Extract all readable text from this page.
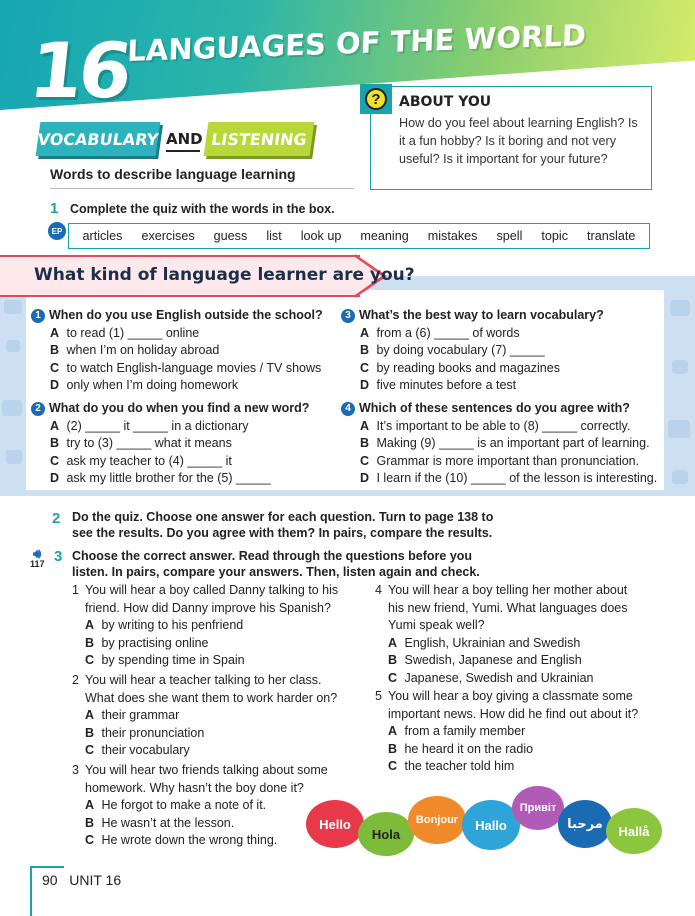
16
LANGUAGES OF THE WORLD
ABOUT YOU
How do you feel about learning English? Is it a fun hobby? Is it boring and not very useful? Is it important for your future?
?
VOCABULARY AND LISTENING
Words to describe language learning
1 Complete the quiz with the words in the box.
EP articles exercises guess list look up meaning mistakes spell topic translate
What kind of language learner are you?
1 When do you use English outside the school?
A to read (1) _____ online
B when I’m on holiday abroad
C to watch English-language movies / TV shows
D only when I’m doing homework
2 What do you do when you find a new word?
A (2) _____ it _____ in a dictionary
B try to (3) _____ what it means
C ask my teacher to (4) _____ it
D ask my little brother for the (5) _____
3 What’s the best way to learn vocabulary?
A from a (6) _____ of words
B by doing vocabulary (7) _____
C by reading books and magazines
D five minutes before a test
4 Which of these sentences do you agree with?
A It’s important to be able to (8) _____ correctly.
B Making (9) _____ is an important part of learning.
C Grammar is more important than pronunciation.
D I learn if the (10) _____ of the lesson is interesting.
2 Do the quiz. Choose one answer for each question. Turn to page 138 to
see the results. Do you agree with them? In pairs, compare the results.
🔊︎
117 3 Choose the correct answer. Read through the questions before you
listen. In pairs, compare your answers. Then, listen again and check.
1 You will hear a boy called Danny talking to his
friend. How did Danny improve his Spanish?
A by writing to his penfriend
B by practising online
C by spending time in Spain
2 You will hear a teacher talking to her class.
What does she want them to work harder on?
A their grammar
B their pronunciation
C their vocabulary
3 You will hear two friends talking about some
homework. Why hasn’t the boy done it?
A He forgot to make a note of it.
B He wasn’t at the lesson.
C He wrote down the wrong thing.
4 You will hear a boy telling her mother about
his new friend, Yumi. What languages does
Yumi speak well?
A English, Ukrainian and Swedish
B Swedish, Japanese and English
C Japanese, Swedish and Ukrainian
5 You will hear a boy giving a classmate some
important news. How did he find out about it?
A from a family member
B he heard it on the radio
C the teacher told him
Hello
Hola
Bonjour	Hallo
Привіт
مرحبا	Hallå
90 UNIT 16
